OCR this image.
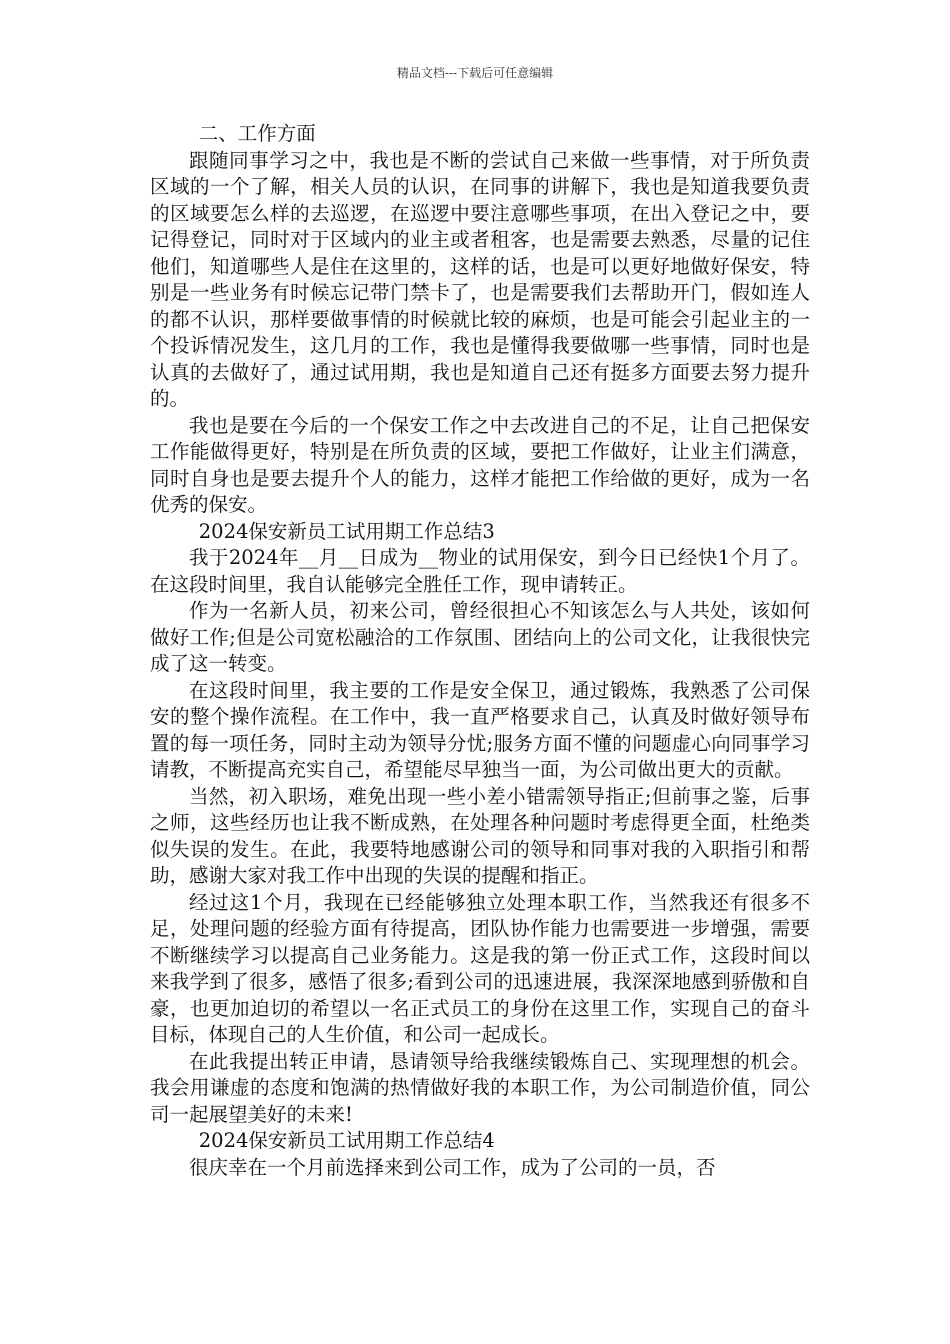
精品文档---下载后可任意编辑

二、工作方面

跟随同事学习之中，我也是不断的尝试自己来做一些事情，对于所负责区域的一个了解，相关人员的认识，在同事的讲解下，我也是知道我要负责的区域要怎么样的去巡逻，在巡逻中要注意哪些事项，在出入登记之中，要记得登记，同时对于区域内的业主或者租客，也是需要去熟悉，尽量的记住他们，知道哪些人是住在这里的，这样的话，也是可以更好地做好保安，特别是一些业务有时候忘记带门禁卡了，也是需要我们去帮助开门，假如连人的都不认识，那样要做事情的时候就比较的麻烦，也是可能会引起业主的一个投诉情况发生，这几月的工作，我也是懂得我要做哪一些事情，同时也是认真的去做好了，通过试用期，我也是知道自己还有挺多方面要去努力提升的。

我也是要在今后的一个保安工作之中去改进自己的不足，让自己把保安工作能做得更好，特别是在所负责的区域，要把工作做好，让业主们满意，同时自身也是要去提升个人的能力，这样才能把工作给做的更好，成为一名优秀的保安。

2024保安新员工试用期工作总结3

我于2024年__月__日成为__物业的试用保安，到今日已经快1个月了。在这段时间里，我自认能够完全胜任工作，现申请转正。

作为一名新人员，初来公司，曾经很担心不知该怎么与人共处，该如何做好工作;但是公司宽松融洽的工作氛围、团结向上的公司文化，让我很快完成了这一转变。

在这段时间里，我主要的工作是安全保卫，通过锻炼，我熟悉了公司保安的整个操作流程。在工作中，我一直严格要求自己，认真及时做好领导布置的每一项任务，同时主动为领导分忧;服务方面不懂的问题虚心向同事学习请教，不断提高充实自己，希望能尽早独当一面，为公司做出更大的贡献。

当然，初入职场，难免出现一些小差小错需领导指正;但前事之鉴，后事之师，这些经历也让我不断成熟，在处理各种问题时考虑得更全面，杜绝类似失误的发生。在此，我要特地感谢公司的领导和同事对我的入职指引和帮助，感谢大家对我工作中出现的失误的提醒和指正。

经过这1个月，我现在已经能够独立处理本职工作，当然我还有很多不足，处理问题的经验方面有待提高，团队协作能力也需要进一步增强，需要不断继续学习以提高自己业务能力。这是我的第一份正式工作，这段时间以来我学到了很多，感悟了很多;看到公司的迅速进展，我深深地感到骄傲和自豪，也更加迫切的希望以一名正式员工的身份在这里工作，实现自己的奋斗目标，体现自己的人生价值，和公司一起成长。

在此我提出转正申请，恳请领导给我继续锻炼自己、实现理想的机会。我会用谦虚的态度和饱满的热情做好我的本职工作，为公司制造价值，同公司一起展望美好的未来!

2024保安新员工试用期工作总结4

很庆幸在一个月前选择来到公司工作，成为了公司的一员，否
